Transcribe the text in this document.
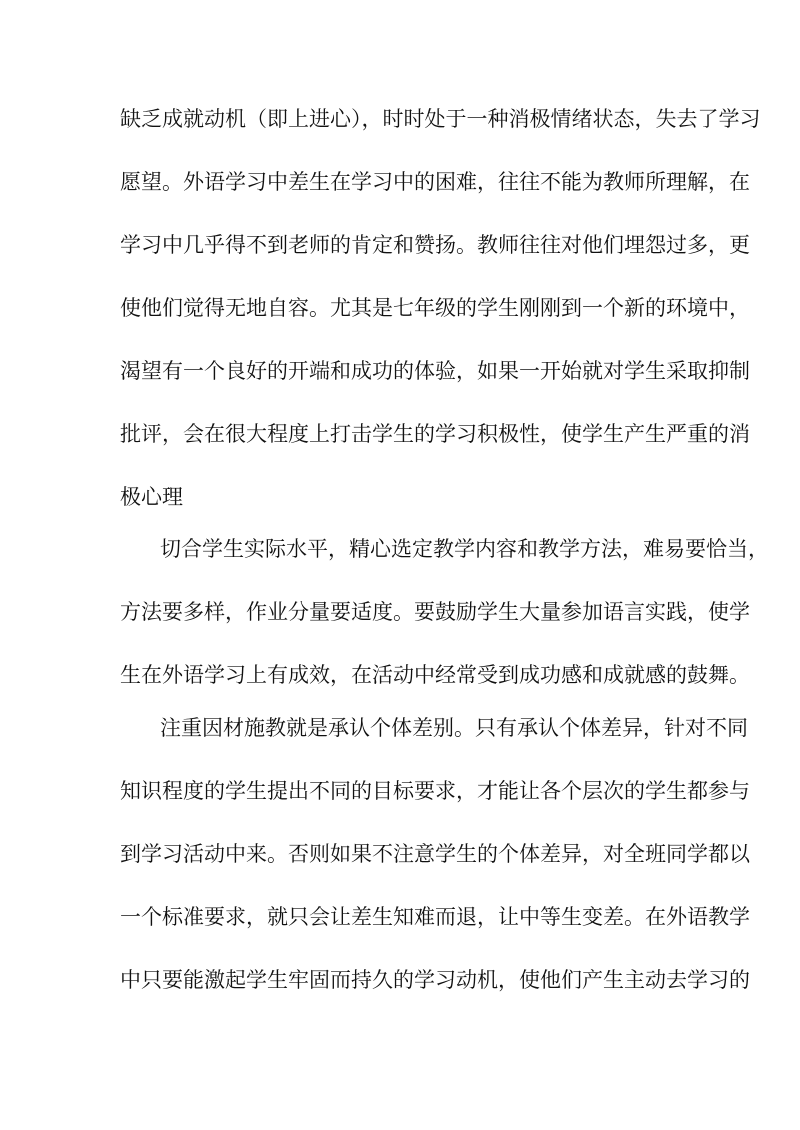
缺乏成就动机（即上进心），时时处于一种消极情绪状态，失去了学习
愿望。外语学习中差生在学习中的困难，往往不能为教师所理解，在
学习中几乎得不到老师的肯定和赞扬。教师往往对他们埋怨过多，更
使他们觉得无地自容。尤其是七年级的学生刚刚到一个新的环境中，
渴望有一个良好的开端和成功的体验，如果一开始就对学生采取抑制
批评，会在很大程度上打击学生的学习积极性，使学生产生严重的消
极心理
切合学生实际水平，精心选定教学内容和教学方法，难易要恰当，
方法要多样，作业分量要适度。要鼓励学生大量参加语言实践，使学
生在外语学习上有成效，在活动中经常受到成功感和成就感的鼓舞。
注重因材施教就是承认个体差别。只有承认个体差异，针对不同
知识程度的学生提出不同的目标要求，才能让各个层次的学生都参与
到学习活动中来。否则如果不注意学生的个体差异，对全班同学都以
一个标准要求，就只会让差生知难而退，让中等生变差。在外语教学
中只要能激起学生牢固而持久的学习动机，使他们产生主动去学习的
